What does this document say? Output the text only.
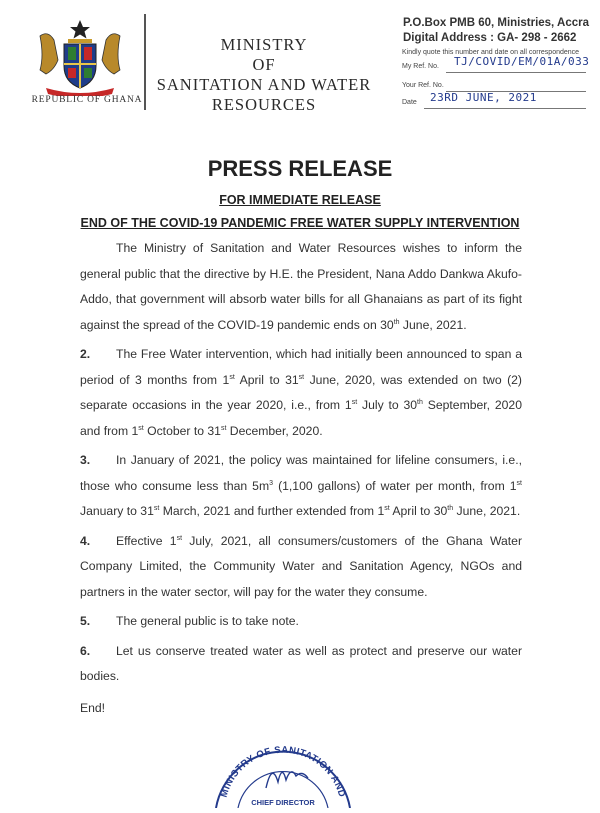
REPUBLIC OF GHANA
MINISTRY
OF
SANITATION AND WATER
RESOURCES
P.O.Box PMB 60, Ministries, Accra
Digital Address : GA- 298 - 2662
Kindly quote this number and date on all correspondence
My Ref. No. TJ/COVID/EM/01A/033
Your Ref. No.
Date 23RD JUNE, 2021
PRESS RELEASE
FOR IMMEDIATE RELEASE
END OF THE COVID-19 PANDEMIC FREE WATER SUPPLY INTERVENTION

The Ministry of Sanitation and Water Resources wishes to inform the general public that the directive by H.E. the President, Nana Addo Dankwa Akufo-Addo, that government will absorb water bills for all Ghanaians as part of its fight against the spread of the COVID-19 pandemic ends on 30th June, 2021.

2. The Free Water intervention, which had initially been announced to span a period of 3 months from 1st April to 31st June, 2020, was extended on two (2) separate occasions in the year 2020, i.e., from 1st July to 30th September, 2020 and from 1st October to 31st December, 2020.

3. In January of 2021, the policy was maintained for lifeline consumers, i.e., those who consume less than $5m^3$ (1,100 gallons) of water per month, from 1st January to 31st March, 2021 and further extended from 1st April to 30th June, 2021.

4. Effective 1st July, 2021, all consumers/customers of the Ghana Water Company Limited, the Community Water and Sanitation Agency, NGOs and partners in the water sector, will pay for the water they consume.

5. The general public is to take note.

6. Let us conserve treated water as well as protect and preserve our water bodies.

End!
MINISTRY OF SANITATION AND
CHIEF DIRECTOR
